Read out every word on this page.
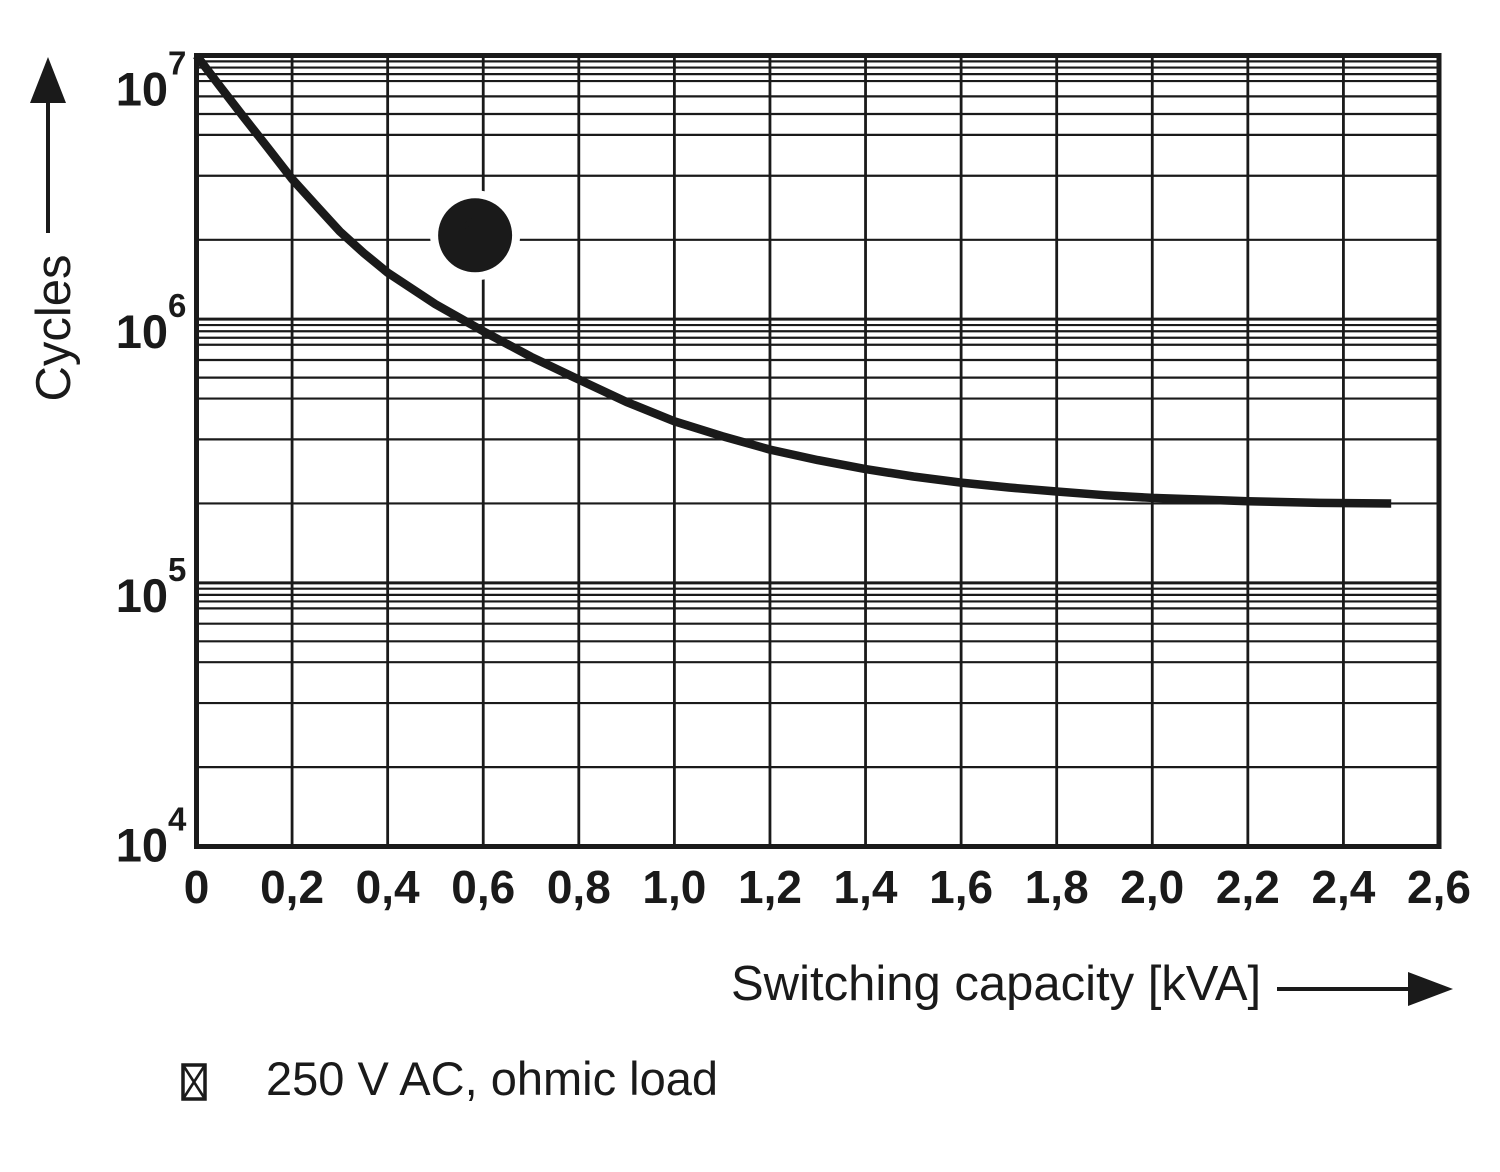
1
10 7
10 6
10 5
10 4
0 0,2 0,4 0,6 0,8 1,0 1,2 1,4 1,6 1,8 2,0 2,2 2,4 2,6
Cycles
Switching capacity [kVA]
250 V AC, ohmic load
